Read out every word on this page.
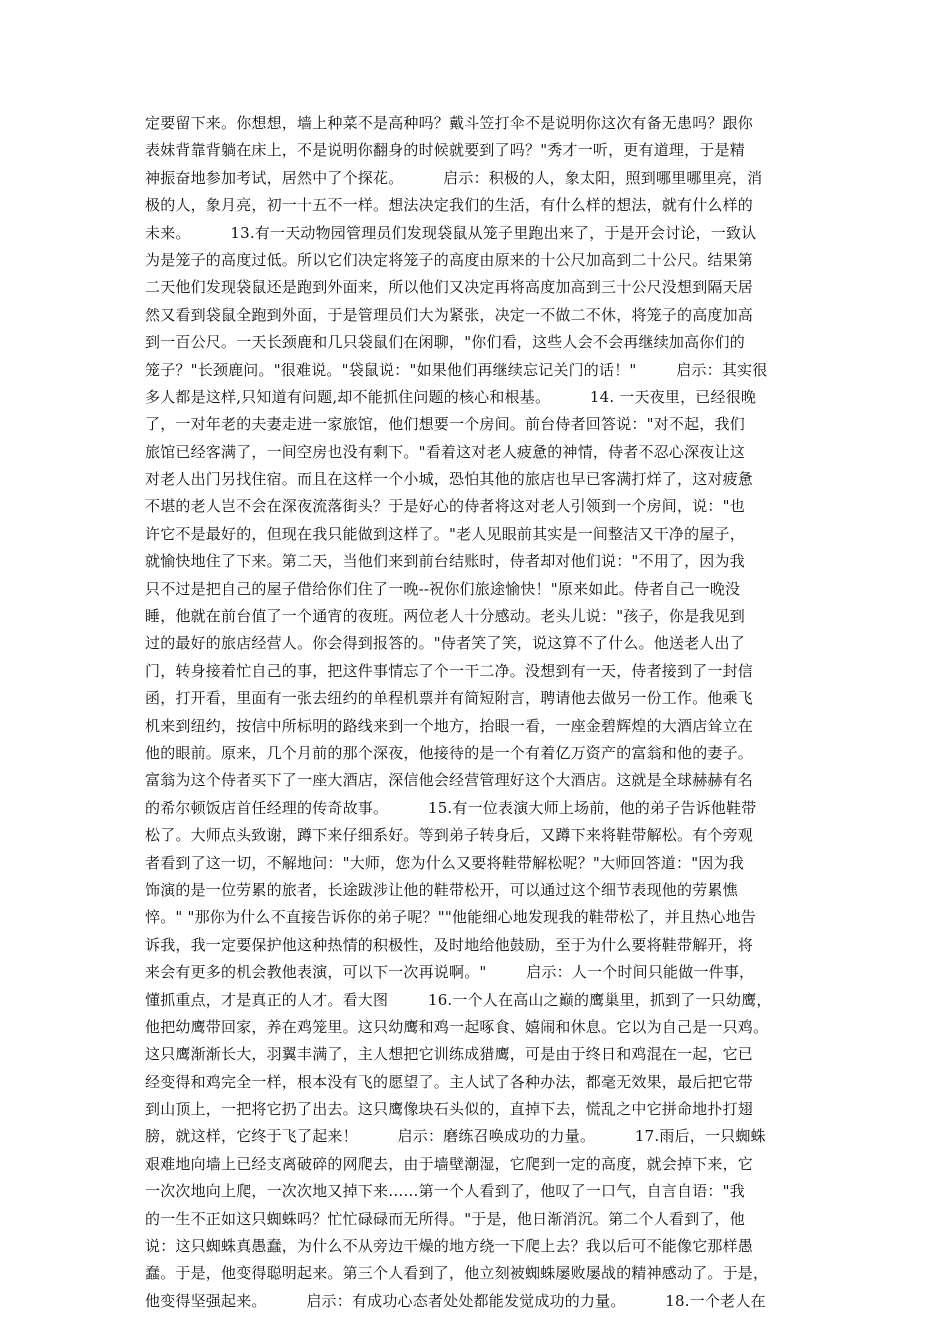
定要留下来。你想想，墙上种菜不是高种吗？戴斗笠打伞不是说明你这次有备无患吗？跟你
表妹背靠背躺在床上，不是说明你翻身的时候就要到了吗？"秀才一听，更有道理，于是精
神振奋地参加考试，居然中了个探花。        启示：积极的人，象太阳，照到哪里哪里亮，消
极的人，象月亮，初一十五不一样。想法决定我们的生活，有什么样的想法，就有什么样的
未来。        13.有一天动物园管理员们发现袋鼠从笼子里跑出来了，于是开会讨论，一致认
为是笼子的高度过低。所以它们决定将笼子的高度由原来的十公尺加高到二十公尺。结果第
二天他们发现袋鼠还是跑到外面来，所以他们又决定再将高度加高到三十公尺没想到隔天居
然又看到袋鼠全跑到外面，于是管理员们大为紧张，决定一不做二不休，将笼子的高度加高
到一百公尺。一天长颈鹿和几只袋鼠们在闲聊，"你们看，这些人会不会再继续加高你们的
笼子？"长颈鹿问。"很难说。"袋鼠说："如果他们再继续忘记关门的话！"        启示：其实很
多人都是这样,只知道有问题,却不能抓住问题的核心和根基。        14. 一天夜里，已经很晚
了，一对年老的夫妻走进一家旅馆，他们想要一个房间。前台侍者回答说："对不起，我们
旅馆已经客满了，一间空房也没有剩下。"看着这对老人疲惫的神情，侍者不忍心深夜让这
对老人出门另找住宿。而且在这样一个小城，恐怕其他的旅店也早已客满打烊了，这对疲惫
不堪的老人岂不会在深夜流落街头？于是好心的侍者将这对老人引领到一个房间，说："也
许它不是最好的，但现在我只能做到这样了。"老人见眼前其实是一间整洁又干净的屋子，
就愉快地住了下来。第二天，当他们来到前台结账时，侍者却对他们说："不用了，因为我
只不过是把自己的屋子借给你们住了一晚--祝你们旅途愉快！"原来如此。侍者自己一晚没
睡，他就在前台值了一个通宵的夜班。两位老人十分感动。老头儿说："孩子，你是我见到
过的最好的旅店经营人。你会得到报答的。"侍者笑了笑，说这算不了什么。他送老人出了
门，转身接着忙自己的事，把这件事情忘了个一干二净。没想到有一天，侍者接到了一封信
函，打开看，里面有一张去纽约的单程机票并有简短附言，聘请他去做另一份工作。他乘飞
机来到纽约，按信中所标明的路线来到一个地方，抬眼一看，一座金碧辉煌的大酒店耸立在
他的眼前。原来，几个月前的那个深夜，他接待的是一个有着亿万资产的富翁和他的妻子。
富翁为这个侍者买下了一座大酒店，深信他会经营管理好这个大酒店。这就是全球赫赫有名
的希尔顿饭店首任经理的传奇故事。        15.有一位表演大师上场前，他的弟子告诉他鞋带
松了。大师点头致谢，蹲下来仔细系好。等到弟子转身后，又蹲下来将鞋带解松。有个旁观
者看到了这一切，不解地问："大师，您为什么又要将鞋带解松呢？"大师回答道："因为我
饰演的是一位劳累的旅者，长途跋涉让他的鞋带松开，可以通过这个细节表现他的劳累憔
悴。" "那你为什么不直接告诉你的弟子呢？""他能细心地发现我的鞋带松了，并且热心地告
诉我，我一定要保护他这种热情的积极性，及时地给他鼓励，至于为什么要将鞋带解开，将
来会有更多的机会教他表演，可以下一次再说啊。"        启示：人一个时间只能做一件事，
懂抓重点，才是真正的人才。看大图        16.一个人在高山之巅的鹰巢里，抓到了一只幼鹰，
他把幼鹰带回家，养在鸡笼里。这只幼鹰和鸡一起啄食、嬉闹和休息。它以为自己是一只鸡。
这只鹰渐渐长大，羽翼丰满了，主人想把它训练成猎鹰，可是由于终日和鸡混在一起，它已
经变得和鸡完全一样，根本没有飞的愿望了。主人试了各种办法，都毫无效果，最后把它带
到山顶上，一把将它扔了出去。这只鹰像块石头似的，直掉下去，慌乱之中它拼命地扑打翅
膀，就这样，它终于飞了起来！        启示：磨练召唤成功的力量。        17.雨后，一只蜘蛛
艰难地向墙上已经支离破碎的网爬去，由于墙壁潮湿，它爬到一定的高度，就会掉下来，它
一次次地向上爬，一次次地又掉下来……第一个人看到了，他叹了一口气，自言自语："我
的一生不正如这只蜘蛛吗？忙忙碌碌而无所得。"于是，他日渐消沉。第二个人看到了，他
说：这只蜘蛛真愚蠢，为什么不从旁边干燥的地方绕一下爬上去？我以后可不能像它那样愚
蠢。于是，他变得聪明起来。第三个人看到了，他立刻被蜘蛛屡败屡战的精神感动了。于是，
他变得坚强起来。        启示：有成功心态者处处都能发觉成功的力量。        18.一个老人在
